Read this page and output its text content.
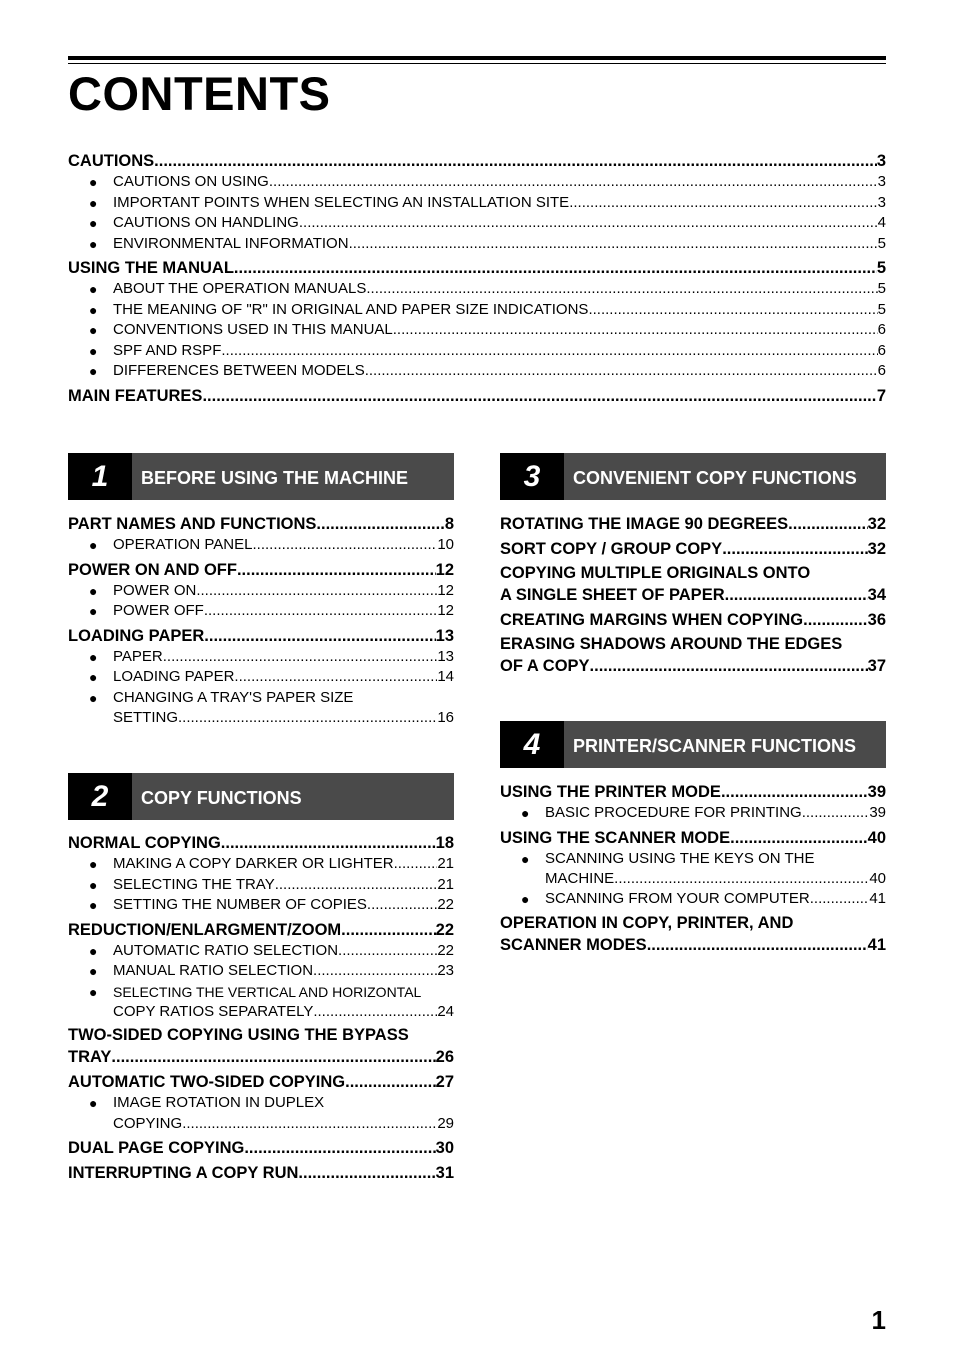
CONTENTS
CAUTIONS .....	3
● CAUTIONS ON USING .....	3
● IMPORTANT POINTS WHEN SELECTING AN INSTALLATION SITE .....	3
● CAUTIONS ON HANDLING .....	4
● ENVIRONMENTAL INFORMATION .....	5
USING THE MANUAL .....	5
● ABOUT THE OPERATION MANUALS .....	5
● THE MEANING OF "R" IN ORIGINAL AND PAPER SIZE INDICATIONS .....	5
● CONVENTIONS USED IN THIS MANUAL .....	6
● SPF AND RSPF .....	6
● DIFFERENCES BETWEEN MODELS .....	6
MAIN FEATURES .....	7
1	BEFORE USING THE MACHINE
PART NAMES AND FUNCTIONS .....	8
● OPERATION PANEL .....	10
POWER ON AND OFF .....	12
● POWER ON .....	12
● POWER OFF .....	12
LOADING PAPER .....	13
● PAPER .....	13
● LOADING PAPER .....	14
● CHANGING A TRAY'S PAPER SIZE
SETTING .....	16
2	COPY FUNCTIONS
NORMAL COPYING .....	18
● MAKING A COPY DARKER OR LIGHTER .....	21
● SELECTING THE TRAY .....	21
● SETTING THE NUMBER OF COPIES .....	22
REDUCTION/ENLARGMENT/ZOOM .....	22
● AUTOMATIC RATIO SELECTION .....	22
● MANUAL RATIO SELECTION .....	23
● SELECTING THE VERTICAL AND HORIZONTAL
COPY RATIOS SEPARATELY .....	24
TWO-SIDED COPYING USING THE BYPASS
TRAY .....	26
AUTOMATIC TWO-SIDED COPYING .....	27
● IMAGE ROTATION IN DUPLEX
COPYING .....	29
DUAL PAGE COPYING .....	30
INTERRUPTING A COPY RUN .....	31
3	CONVENIENT COPY FUNCTIONS
ROTATING THE IMAGE 90 DEGREES .....	32
SORT COPY / GROUP COPY .....	32
COPYING MULTIPLE ORIGINALS ONTO
A SINGLE SHEET OF PAPER .....	34
CREATING MARGINS WHEN COPYING .....	36
ERASING SHADOWS AROUND THE EDGES
OF A COPY .....	37
4	PRINTER/SCANNER FUNCTIONS
USING THE PRINTER MODE .....	39
● BASIC PROCEDURE FOR PRINTING .....	39
USING THE SCANNER MODE .....	40
● SCANNING USING THE KEYS ON THE
MACHINE .....	40
● SCANNING FROM YOUR COMPUTER .....	41
OPERATION IN COPY, PRINTER, AND
SCANNER MODES .....	41
1
